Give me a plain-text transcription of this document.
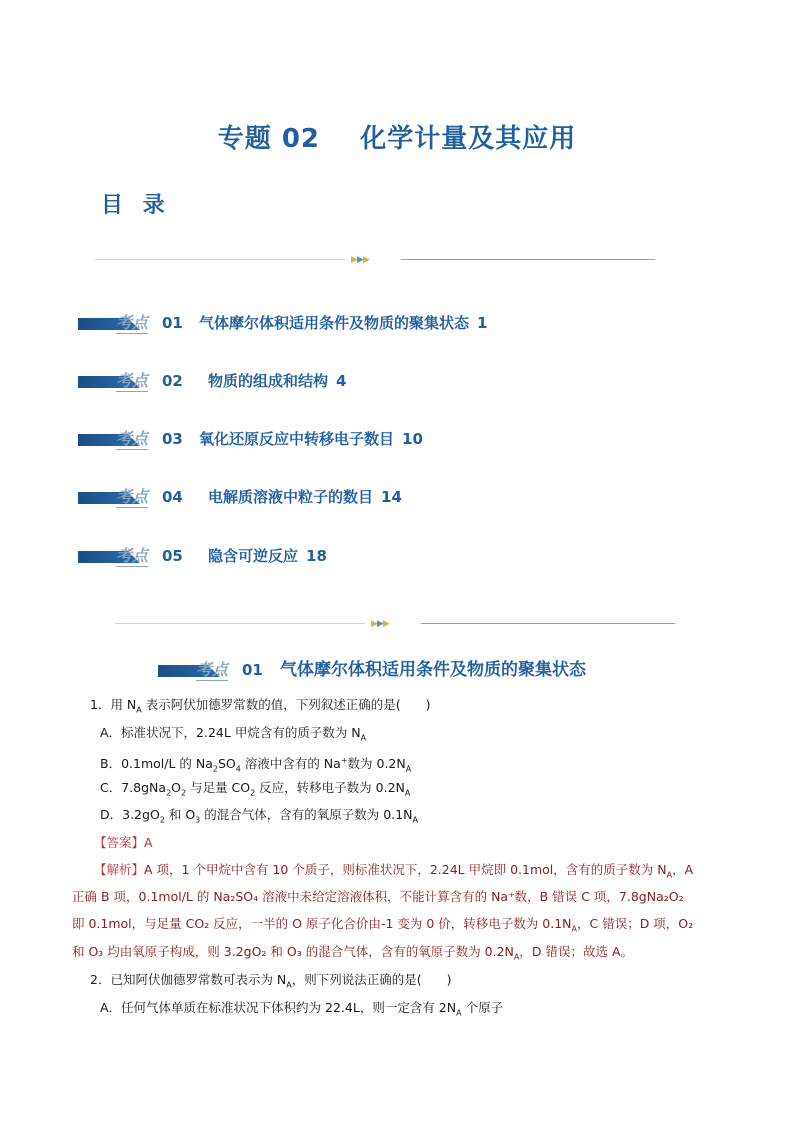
专题 02    化学计量及其应用
目 录
▶▶▶
考点 01 气体摩尔体积适用条件及物质的聚集状态 1
考点 02 物质的组成和结构 4
考点 03 氧化还原反应中转移电子数目 10
考点 04 电解质溶液中粒子的数目 14
考点 05 隐含可逆反应 18
▶▶▶
考点 01 气体摩尔体积适用条件及物质的聚集状态
1．用 $N_A$ 表示阿伏加德罗常数的值，下列叙述正确的是(　　)
A．标准状况下，2.24L 甲烷含有的质子数为 $N_A$
B．0.1mol/L 的 $Na_2SO_4$ 溶液中含有的 Na+数为 $0.2N_A$
C．$7.8gNa_2O_2$ 与足量 $CO_2$ 反应，转移电子数为 $0.2N_A$
D．$3.2gO_2$ 和 $O_3$ 的混合气体，含有的氧原子数为 $0.1N_A$
【答案】A
【解析】A 项，1 个甲烷中含有 10 个质子，则标准状况下，2.24L 甲烷即 0.1mol，含有的质子数为 $N_A$，A
正确 B 项，0.1mol/L 的 Na₂SO₄ 溶液中未给定溶液体积，不能计算含有的 Na⁺数，B 错误 C 项，7.8gNa₂O₂
即 0.1mol，与足量 CO₂ 反应，一半的 O 原子化合价由-1 变为 0 价，转移电子数为 $0.1N_A$，C 错误；D 项，O₂
和 O₃ 均由氧原子构成，则 3.2gO₂ 和 O₃ 的混合气体，含有的氧原子数为 $0.2N_A$，D 错误；故选 A。
2．已知阿伏伽德罗常数可表示为 $N_A$，则下列说法正确的是(　　)
A．任何气体单质在标准状况下体积约为 22.4L，则一定含有 $2N_A$ 个原子
